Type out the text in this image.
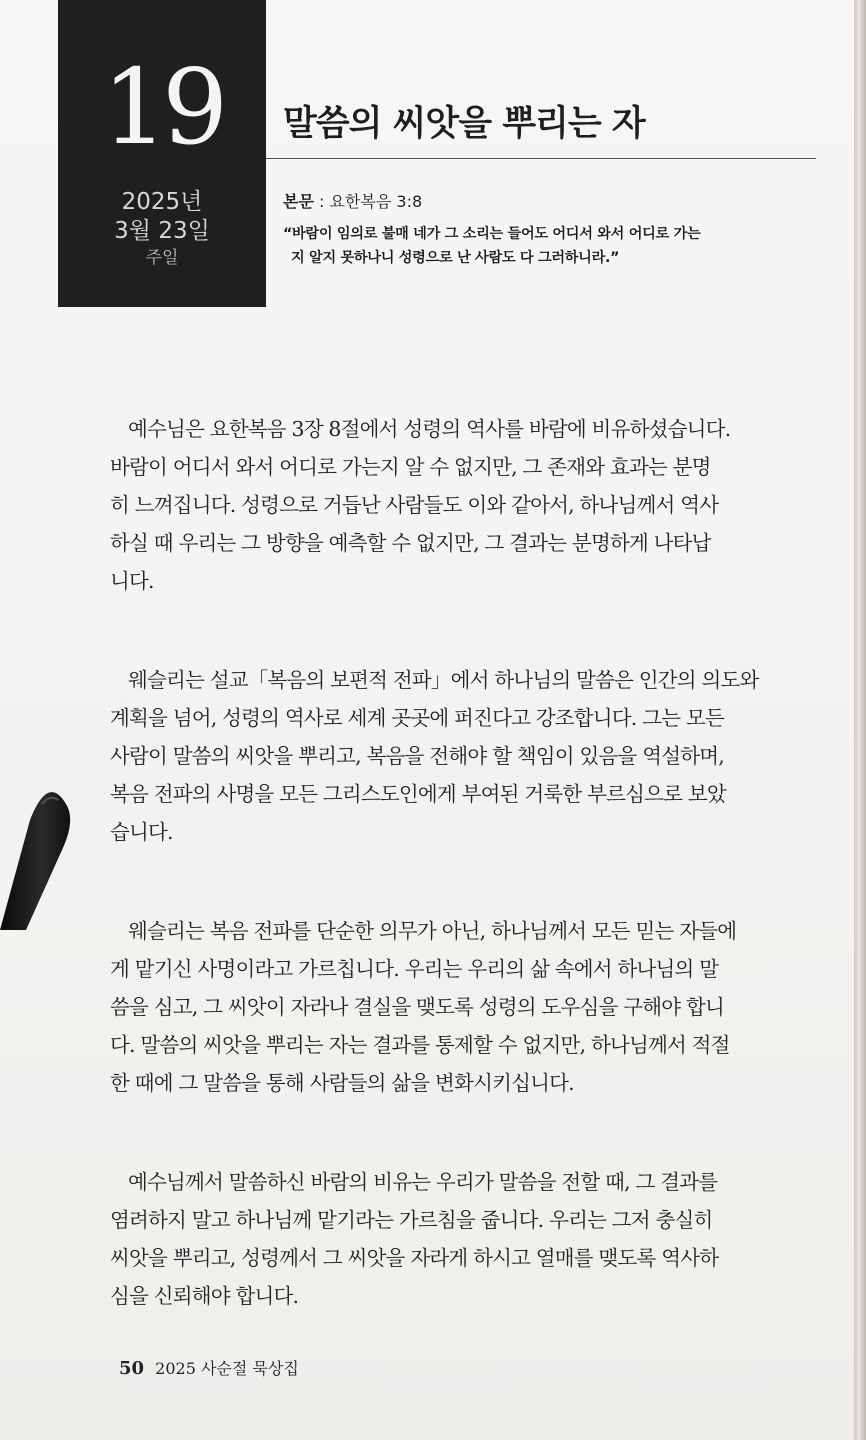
19
2025년
3월 23일
주일
말씀의 씨앗을 뿌리는 자
본문 : 요한복음 3:8
“바람이 임의로 불매 네가 그 소리는 들어도 어디서 와서 어디로 가는
지 알지 못하나니 성령으로 난 사람도 다 그러하니라.”

예수님은 요한복음 3장 8절에서 성령의 역사를 바람에 비유하셨습니다.
바람이 어디서 와서 어디로 가는지 알 수 없지만, 그 존재와 효과는 분명
히 느껴집니다. 성령으로 거듭난 사람들도 이와 같아서, 하나님께서 역사
하실 때 우리는 그 방향을 예측할 수 없지만, 그 결과는 분명하게 나타납
니다.

웨슬리는 설교「복음의 보편적 전파」에서 하나님의 말씀은 인간의 의도와
계획을 넘어, 성령의 역사로 세계 곳곳에 퍼진다고 강조합니다. 그는 모든
사람이 말씀의 씨앗을 뿌리고, 복음을 전해야 할 책임이 있음을 역설하며,
복음 전파의 사명을 모든 그리스도인에게 부여된 거룩한 부르심으로 보았
습니다.

웨슬리는 복음 전파를 단순한 의무가 아닌, 하나님께서 모든 믿는 자들에
게 맡기신 사명이라고 가르칩니다. 우리는 우리의 삶 속에서 하나님의 말
씀을 심고, 그 씨앗이 자라나 결실을 맺도록 성령의 도우심을 구해야 합니
다. 말씀의 씨앗을 뿌리는 자는 결과를 통제할 수 없지만, 하나님께서 적절
한 때에 그 말씀을 통해 사람들의 삶을 변화시키십니다.

예수님께서 말씀하신 바람의 비유는 우리가 말씀을 전할 때, 그 결과를
염려하지 말고 하나님께 맡기라는 가르침을 줍니다. 우리는 그저 충실히
씨앗을 뿌리고, 성령께서 그 씨앗을 자라게 하시고 열매를 맺도록 역사하
심을 신뢰해야 합니다.

50 2025 사순절 묵상집
